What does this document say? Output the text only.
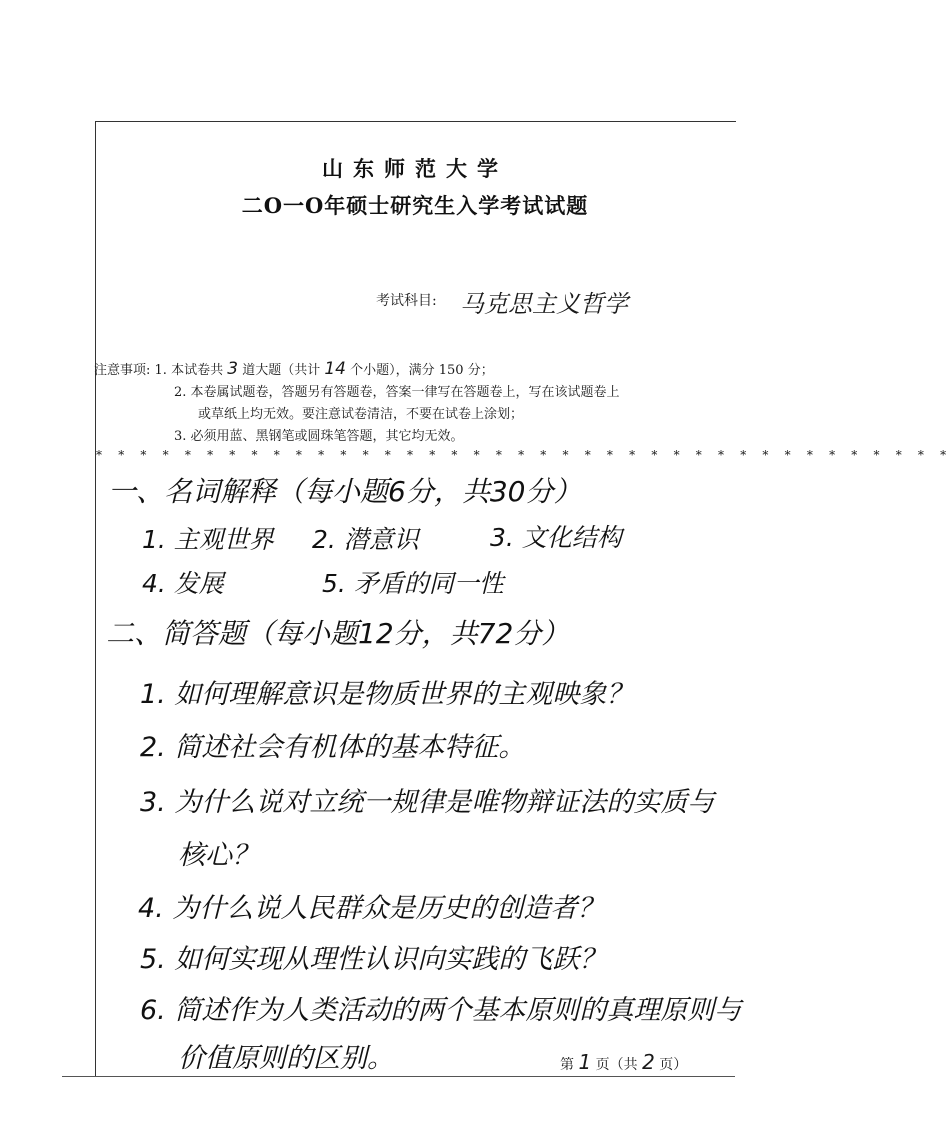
山东师范大学
二O一O年硕士研究生入学考试试题
考试科目: 马克思主义哲学
注意事项: 1. 本试卷共 3 道大题（共计 14 个小题），满分 150 分；
2. 本卷属试题卷，答题另有答题卷，答案一律写在答题卷上，写在该试题卷上
或草纸上均无效。要注意试卷清洁，不要在试卷上涂划；
3. 必须用蓝、黑钢笔或圆珠笔答题，其它均无效。
* * * * * * * * * * * * * * * * * * * * * * * * * * * * * * * * * * * * * * *
一、名词解释（每小题6分，共30分）
1. 主观世界 2. 潜意识	3. 文化结构
4. 发展	5. 矛盾的同一性
二、简答题（每小题12分，共72分）
1. 如何理解意识是物质世界的主观映象？
2. 简述社会有机体的基本特征。
3. 为什么说对立统一规律是唯物辩证法的实质与
核心？
4. 为什么说人民群众是历史的创造者？
5. 如何实现从理性认识向实践的飞跃？
6. 简述作为人类活动的两个基本原则的真理原则与
价值原则的区别。	第 1 页（共 2 页）
